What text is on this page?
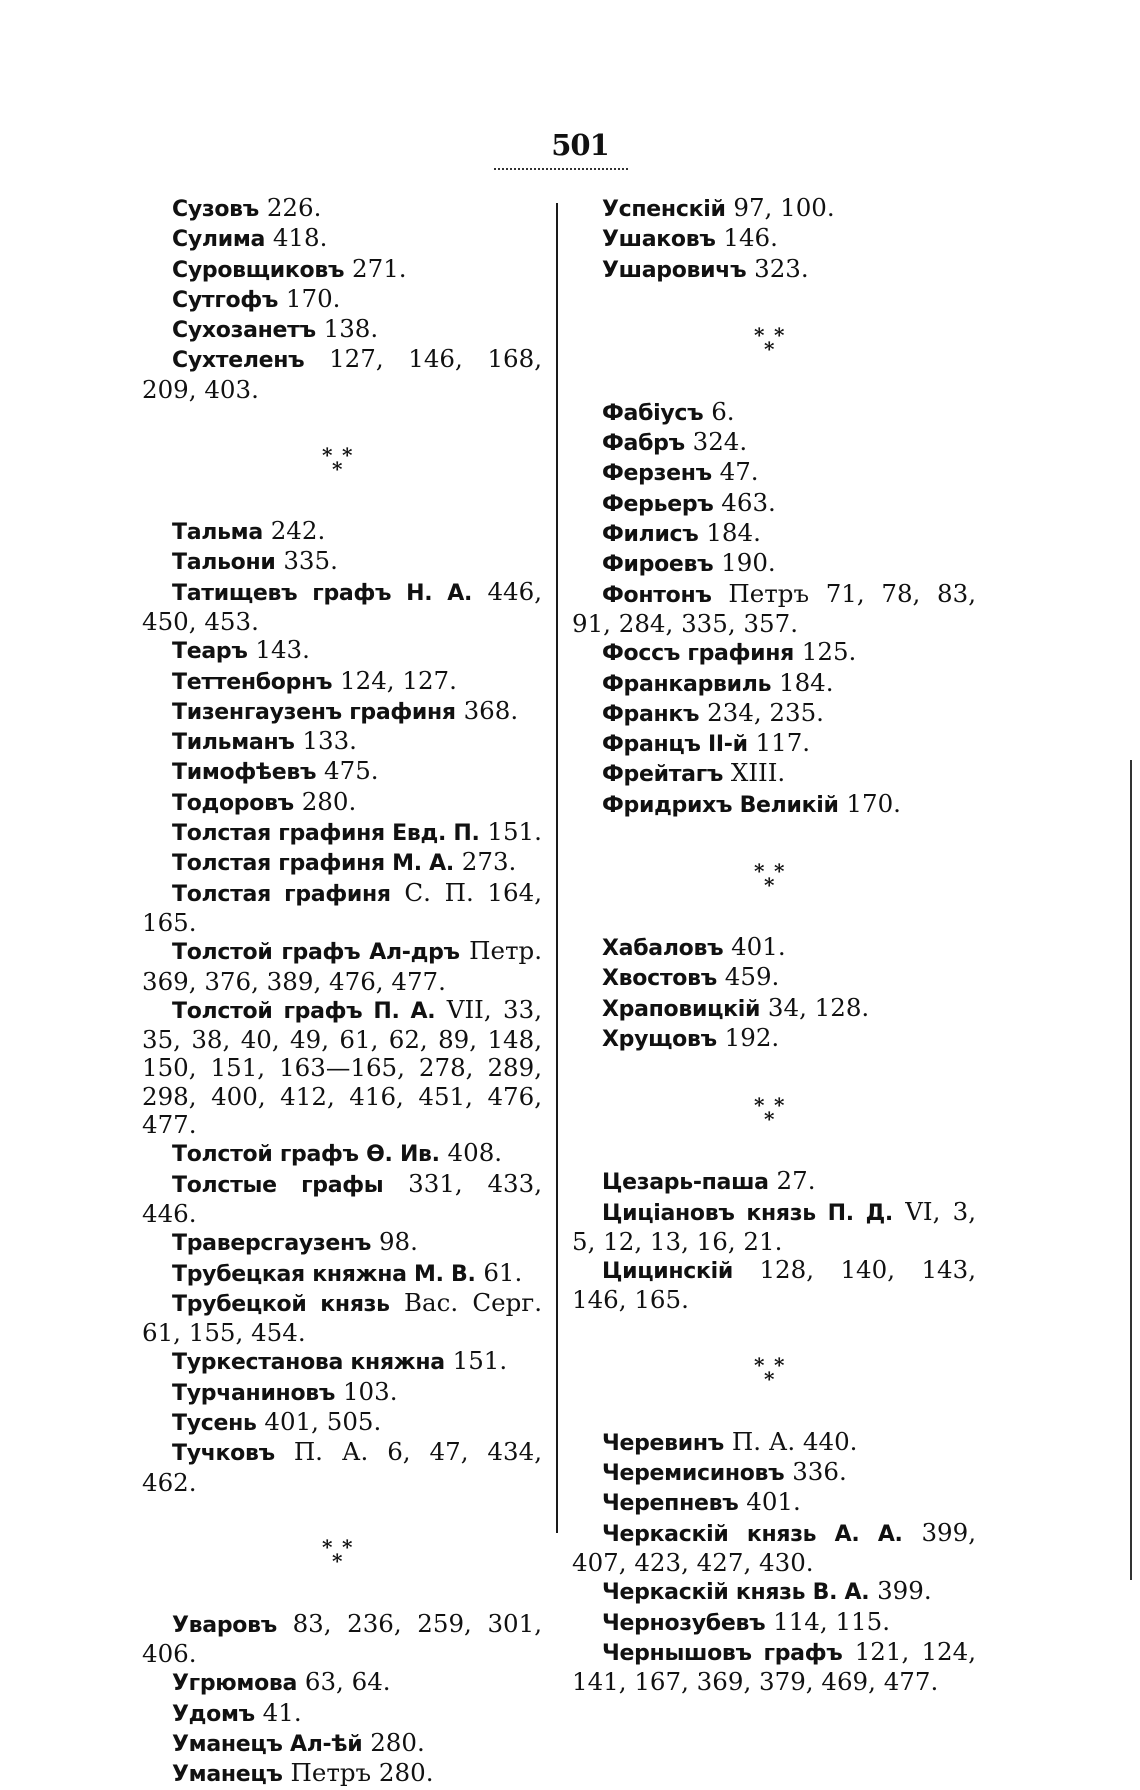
501

Сузовъ 226.

Сулима 418.

Суровщиковъ 271.

Сутгофъ 170.

Сухозанетъ 138.

Сухтеленъ 127, 146, 168, 209, 403.

* *
*

Тальма 242.

Тальони 335.

Татищевъ графъ Н. А. 446, 450, 453.

Теаръ 143.

Теттенборнъ 124, 127.

Тизенгаузенъ графиня 368.

Тильманъ 133.

Тимофѣевъ 475.

Тодоровъ 280.

Толстая графиня Евд. П. 151.

Толстая графиня М. А. 273.

Толстая графиня С. П. 164, 165.

Толстой графъ Ал-дръ Петр. 369, 376, 389, 476, 477.

Толстой графъ П. А. VII, 33, 35, 38, 40, 49, 61, 62, 89, 148, 150, 151, 163—165, 278, 289, 298, 400, 412, 416, 451, 476, 477.

Толстой графъ Ѳ. Ив. 408.

Толстые графы 331, 433, 446.

Траверсгаузенъ 98.

Трубецкая княжна М. В. 61.

Трубецкой князь Вас. Серг. 61, 155, 454.

Туркестанова княжна 151.

Турчаниновъ 103.

Тусень 401, 505.

Тучковъ П. А. 6, 47, 434, 462.

* *
*

Уваровъ 83, 236, 259, 301, 406.

Угрюмова 63, 64.

Удомъ 41.

Уманецъ Ал-ѣй 280.

Уманецъ Петръ 280.

Успенскій 97, 100.

Ушаковъ 146.

Ушаровичъ 323.

* *
*

Фабіусъ 6.

Фабръ 324.

Ферзенъ 47.

Ферьеръ 463.

Филисъ 184.

Фироевъ 190.

Фонтонъ Петръ 71, 78, 83, 91, 284, 335, 357.

Фоссъ графиня 125.

Франкарвиль 184.

Франкъ 234, 235.

Францъ II-й 117.

Фрейтагъ XIII.

Фридрихъ Великій 170.

* *
*

Хабаловъ 401.

Хвостовъ 459.

Храповицкій 34, 128.

Хрущовъ 192.

* *
*

Цезарь-паша 27.

Циціановъ князь П. Д. VI, 3, 5, 12, 13, 16, 21.

Цицинскій 128, 140, 143, 146, 165.

* *
*

Черевинъ П. А. 440.

Черемисиновъ 336.

Черепневъ 401.

Черкаскій князь А. А. 399, 407, 423, 427, 430.

Черкаскій князь В. А. 399.

Чернозубевъ 114, 115.

Чернышовъ графъ 121, 124, 141, 167, 369, 379, 469, 477.
